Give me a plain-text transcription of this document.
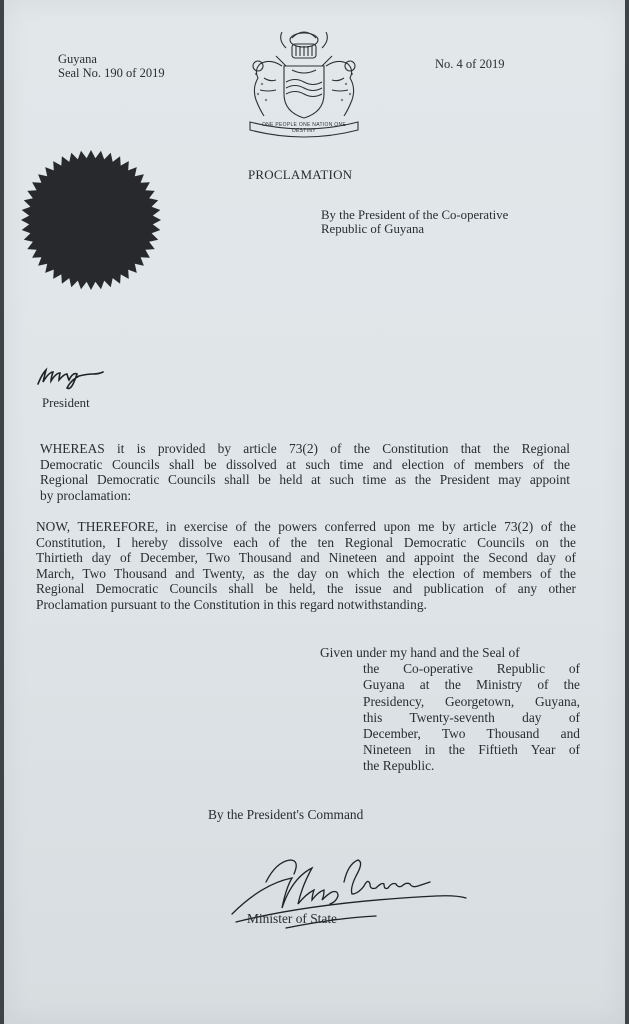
Guyana
Seal No. 190 of 2019
No. 4 of 2019
ONE PEOPLE ONE NATION ONE DESTINY
PROCLAMATION
By the President of the Co-operative
Republic of Guyana
President
WHEREAS it is provided by article 73(2) of the Constitution that the Regional
Democratic Councils shall be dissolved at such time and election of members of the
Regional Democratic Councils shall be held at such time as the President may appoint
by proclamation:
NOW, THEREFORE, in exercise of the powers conferred upon me by article 73(2) of the
Constitution, I hereby dissolve each of the ten Regional Democratic Councils on the
Thirtieth day of December, Two Thousand and Nineteen and appoint the Second day of
March, Two Thousand and Twenty, as the day on which the election of members of the
Regional Democratic Councils shall be held, the issue and publication of any other
Proclamation pursuant to the Constitution in this regard notwithstanding.
Given under my hand and the Seal of
the Co-operative Republic of
Guyana at the Ministry of the
Presidency, Georgetown, Guyana,
this Twenty-seventh day of
December, Two Thousand and
Nineteen in the Fiftieth Year of
the Republic.
By the President's Command
Minister of State
